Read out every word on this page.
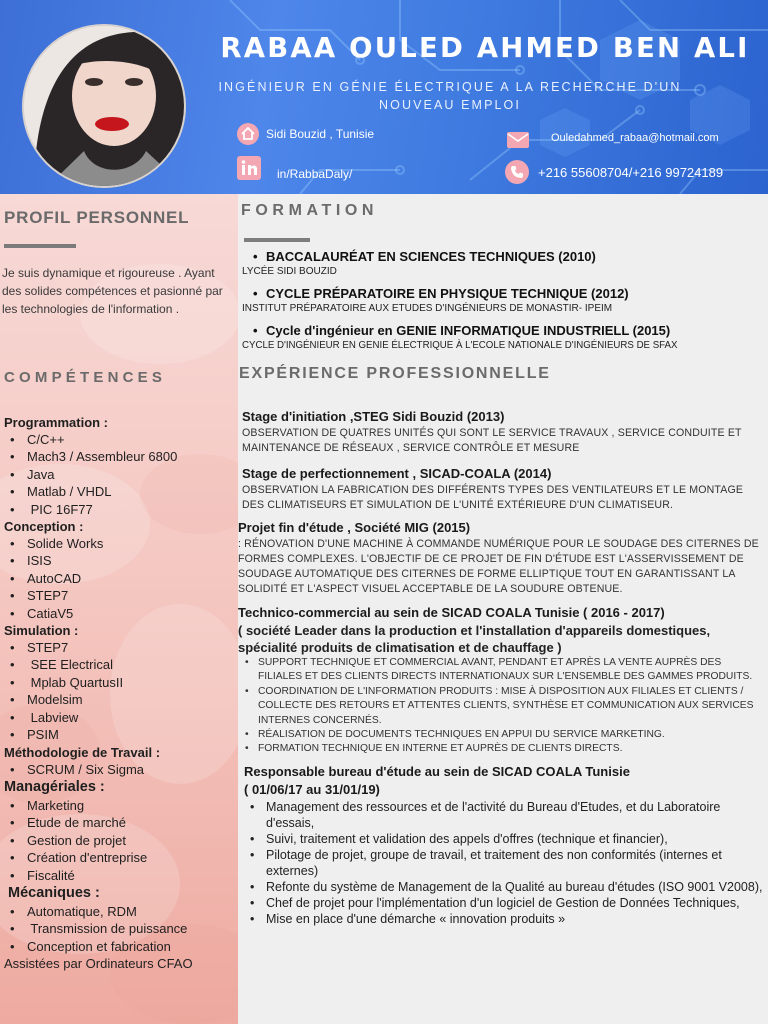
RABAA OULED AHMED BEN ALI
INGÉNIEUR EN GÉNIE ÉLECTRIQUE A LA RECHERCHE D'UN NOUVEAU EMPLOI
Sidi Bouzid , Tunisie
in/RabbaDaly/
Ouledahmed_rabaa@hotmail.com
+216 55608704/+216 99724189
PROFIL PERSONNEL
Je suis dynamique et rigoureuse . Ayant des solides compétences et pasionné par les technologies de l'information .
COMPÉTENCES
Programmation :
• C/C++
• Mach3 / Assembleur 6800
• Java
• Matlab / VHDL
• PIC 16F77
Conception :
• Solide Works
• ISIS
• AutoCAD
• STEP7
• CatiaV5
Simulation :
• STEP7
• SEE Electrical
• Mplab QuartusII
• Modelsim
• Labview
• PSIM
Méthodologie de Travail :
• SCRUM / Six Sigma
Managériales :
• Marketing
• Etude de marché
• Gestion de projet
• Création d'entreprise
• Fiscalité
Mécaniques :
• Automatique, RDM
• Transmission de puissance
• Conception et fabrication
Assistées par Ordinateurs CFAO
FORMATION
• BACCALAURÉAT EN SCIENCES TECHNIQUES (2010)
LYCÉE SIDI BOUZID
• CYCLE PRÉPARATOIRE EN PHYSIQUE TECHNIQUE (2012)
INSTITUT PRÉPARATOIRE AUX ETUDES D'INGÉNIEURS DE MONASTIR- IPEIM
• Cycle d'ingénieur en GENIE INFORMATIQUE INDUSTRIELL (2015)
CYCLE D'INGÉNIEUR EN GENIE ÉLECTRIQUE À L'ECOLE NATIONALE D'INGÉNIEURS DE SFAX
EXPÉRIENCE PROFESSIONNELLE
Stage d'initiation ,STEG Sidi Bouzid (2013)
OBSERVATION DE QUATRES UNITÉS QUI SONT LE SERVICE TRAVAUX , SERVICE CONDUITE ET MAINTENANCE DE RÉSEAUX , SERVICE CONTRÔLE ET MESURE
Stage de perfectionnement , SICAD-COALA (2014)
OBSERVATION LA FABRICATION DES DIFFÉRENTS TYPES DES VENTILATEURS ET LE MONTAGE DES CLIMATISEURS ET SIMULATION DE L'UNITÉ EXTÉRIEURE D'UN CLIMATISEUR.
Projet fin d'étude , Société MIG (2015)
: RÉNOVATION D'UNE MACHINE À COMMANDE NUMÉRIQUE POUR LE SOUDAGE DES CITERNES DE FORMES COMPLEXES. L'OBJECTIF DE CE PROJET DE FIN D'ÉTUDE EST L'ASSERVISSEMENT DE SOUDAGE AUTOMATIQUE DES CITERNES DE FORME ELLIPTIQUE TOUT EN GARANTISSANT LA SOLIDITÉ ET L'ASPECT VISUEL ACCEPTABLE DE LA SOUDURE OBTENUE.
Technico-commercial au sein de SICAD COALA Tunisie ( 2016 - 2017)
( société Leader dans la production et l'installation d'appareils domestiques, spécialité produits de climatisation et de chauffage )
• SUPPORT TECHNIQUE ET COMMERCIAL AVANT, PENDANT ET APRÈS LA VENTE AUPRÈS DES FILIALES ET DES CLIENTS DIRECTS INTERNATIONAUX SUR L'ENSEMBLE DES GAMMES PRODUITS.
• COORDINATION DE L'INFORMATION PRODUITS : MISE À DISPOSITION AUX FILIALES ET CLIENTS / COLLECTE DES RETOURS ET ATTENTES CLIENTS, SYNTHÈSE ET COMMUNICATION AUX SERVICES INTERNES CONCERNÉS.
• RÉALISATION DE DOCUMENTS TECHNIQUES EN APPUI DU SERVICE MARKETING.
• FORMATION TECHNIQUE EN INTERNE ET AUPRÈS DE CLIENTS DIRECTS.
Responsable bureau d'étude au sein de SICAD COALA Tunisie
( 01/06/17 au 31/01/19)
• Management des ressources et de l'activité du Bureau d'Etudes, et du Laboratoire d'essais,
• Suivi, traitement et validation des appels d'offres (technique et financier),
• Pilotage de projet, groupe de travail, et traitement des non conformités (internes et externes)
• Refonte du système de Management de la Qualité au bureau d'études (ISO 9001 V2008),
• Chef de projet pour l'implémentation d'un logiciel de Gestion de Données Techniques,
• Mise en place d'une démarche « innovation produits »
